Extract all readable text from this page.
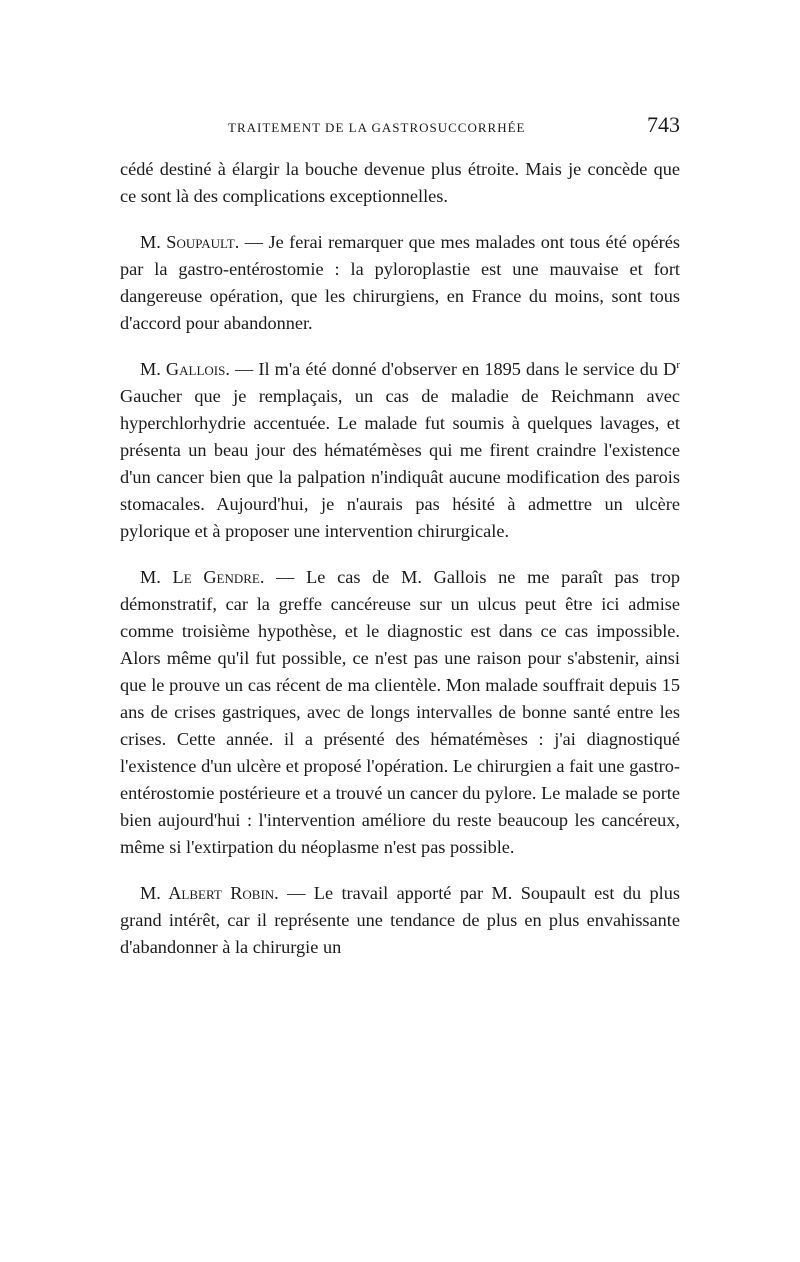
TRAITEMENT DE LA GASTROSUCCORRHÉE	743

cédé destiné à élargir la bouche devenue plus étroite. Mais je concède que ce sont là des complications exceptionnelles.

M. Soupault. — Je ferai remarquer que mes malades ont tous été opérés par la gastro-entérostomie : la pyloroplastie est une mauvaise et fort dangereuse opération, que les chirurgiens, en France du moins, sont tous d'accord pour abandonner.

M. Gallois. — Il m'a été donné d'observer en 1895 dans le service du $D^r$ Gaucher que je remplaçais, un cas de maladie de Reichmann avec hyperchlorhydrie accentuée. Le malade fut soumis à quelques lavages, et présenta un beau jour des hématémèses qui me firent craindre l'existence d'un cancer bien que la palpation n'indiquât aucune modification des parois stomacales. Aujourd'hui, je n'aurais pas hésité à admettre un ulcère pylorique et à proposer une intervention chirurgicale.

M. Le Gendre. — Le cas de M. Gallois ne me paraît pas trop démonstratif, car la greffe cancéreuse sur un ulcus peut être ici admise comme troisième hypothèse, et le diagnostic est dans ce cas impossible. Alors même qu'il fut possible, ce n'est pas une raison pour s'abstenir, ainsi que le prouve un cas récent de ma clientèle. Mon malade souffrait depuis 15 ans de crises gastriques, avec de longs intervalles de bonne santé entre les crises. Cette année. il a présenté des hématémèses : j'ai diagnostiqué l'existence d'un ulcère et proposé l'opération. Le chirurgien a fait une gastro-entérostomie postérieure et a trouvé un cancer du pylore. Le malade se porte bien aujourd'hui : l'intervention améliore du reste beaucoup les cancéreux, même si l'extirpation du néoplasme n'est pas possible.

M. Albert Robin. — Le travail apporté par M. Soupault est du plus grand intérêt, car il représente une tendance de plus en plus envahissante d'abandonner à la chirurgie un
